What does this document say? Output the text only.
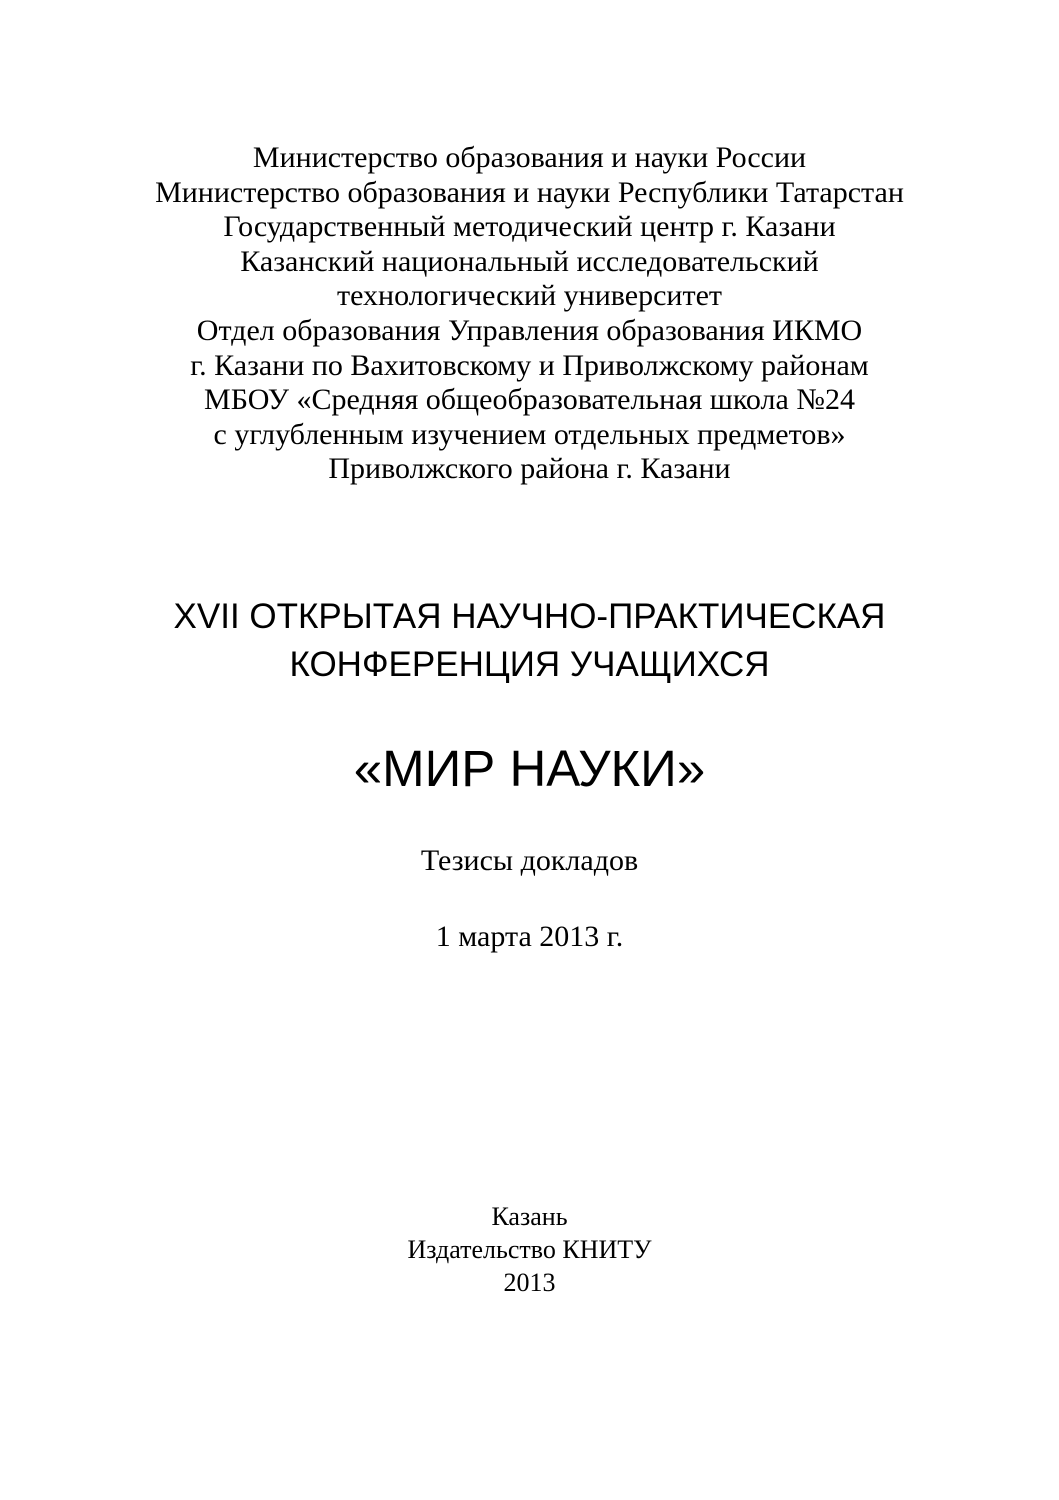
Министерство образования и науки России
Министерство образования и науки Республики Татарстан
Государственный методический центр г. Казани
Казанский национальный исследовательский
технологический университет
Отдел образования Управления образования ИКМО
г. Казани по Вахитовскому и Приволжскому районам
МБОУ «Средняя общеобразовательная школа №24
с углубленным изучением отдельных предметов»
Приволжского района г. Казани
XVII ОТКРЫТАЯ НАУЧНО-ПРАКТИЧЕСКАЯ
КОНФЕРЕНЦИЯ УЧАЩИХСЯ
«МИР НАУКИ»
Тезисы докладов
1 марта 2013 г.
Казань
Издательство КНИТУ
2013
